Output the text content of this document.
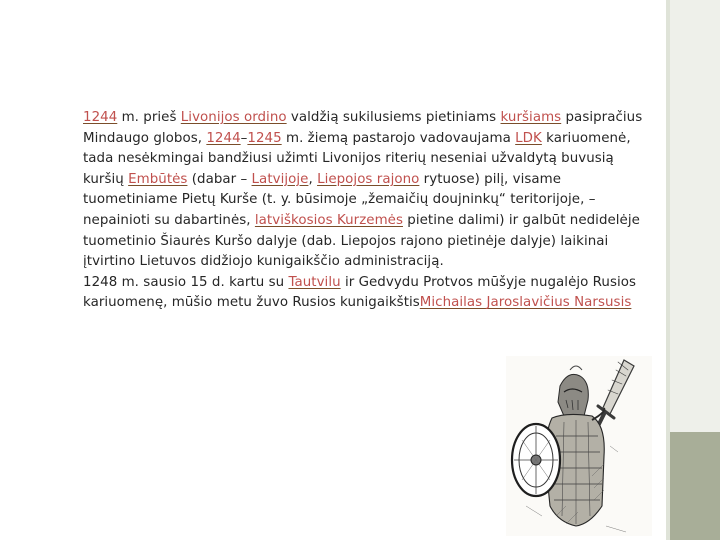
1244 m. prieš Livonijos ordino valdžią sukilusiems pietiniams kuršiams pasipračius Mindaugo globos, 1244–1245 m. žiemą pastarojo vadovaujama LDK kariuomenė, tada nesėkmingai bandžiusi užimti Livonijos riterių neseniai užvaldytą buvusią kuršių Embūtės (dabar – Latvijoje, Liepojos rajono rytuose) pilį, visame tuometiniame Pietų Kurše (t. y. būsimoje „žemaičių doujninkų“ teritorijoje, – nepainioti su dabartinės, latviškosios Kurzemės pietine dalimi) ir galbūt nedidelėje tuometinio Šiaurės Kuršo dalyje (dab. Liepojos rajono pietinėje dalyje) laikinai įtvirtino Lietuvos didžiojo kunigaikščio administraciją.

1248 m. sausio 15 d. kartu su Tautvilu ir Gedvydu Protvos mūšyje nugalėjo Rusios kariuomenę, mūšio metu žuvo Rusios kunigaikštisMichailas Jaroslavičius Narsusis
